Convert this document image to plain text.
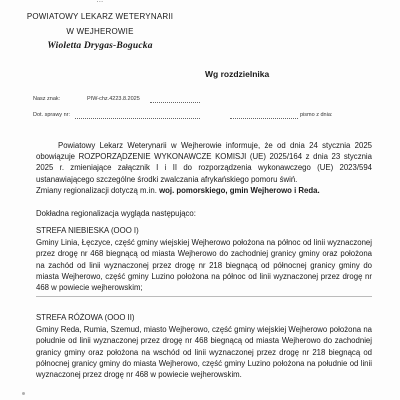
…
POWIATOWY LEKARZ WETERYNARII
W WEJHEROWIE
Wioletta Drygas-Bogucka
Wg rozdzielnika
Nasz znak:	PIW-chz.4223.8.2025
Dot. sprawy nr:	pismo z dnia:
Powiatowy Lekarz Weterynarii w Wejherowie informuje, że od dnia 24 stycznia 2025 obowiązuje ROZPORZĄDZENIE WYKONAWCZE KOMISJI (UE) 2025/164 z dnia 23 stycznia 2025 r. zmieniające załącznik I i II do rozporządzenia wykonawczego (UE) 2023/594 ustanawiającego szczególne środki zwalczania afrykańskiego pomoru świń.
Zmiany regionalizacji dotyczą m.in. woj. pomorskiego, gmin Wejherowo i Reda.
Dokładna regionalizacja wygląda następująco:
STREFA NIEBIESKA (OOO I)
Gminy Linia, Łęczyce, część gminy wiejskiej Wejherowo położona na północ od linii wyznaczonej przez drogę nr 468 biegnącą od miasta Wejherowo do zachodniej granicy gminy oraz położona na zachód od linii wyznaczonej przez drogę nr 218 biegnącą od północnej granicy gminy do miasta Wejherowo, część gminy Luzino położona na północ od linii wyznaczonej przez drogę nr 468 w powiecie wejherowskim;
STREFA RÓŻOWA (OOO II)
Gminy Reda, Rumia, Szemud, miasto Wejherowo, część gminy wiejskiej Wejherowo położona na południe od linii wyznaczonej przez drogę nr 468 biegnącą od miasta Wejherowo do zachodniej granicy gminy oraz położona na wschód od linii wyznaczonej przez drogę nr 218 biegnącą od północnej granicy gminy do miasta Wejherowo, część gminy Luzino położona na południe od linii wyznaczonej przez drogę nr 468 w powiecie wejherowskim.
